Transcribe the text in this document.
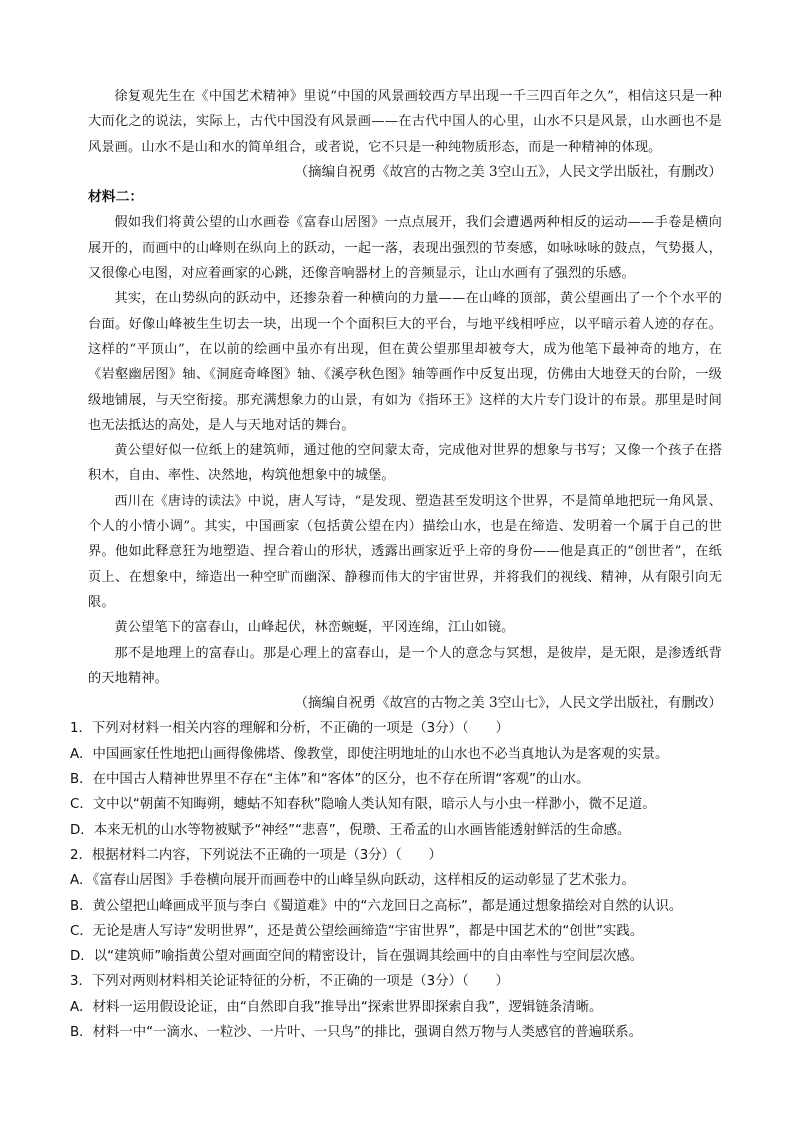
徐复观先生在《中国艺术精神》里说“中国的风景画较西方早出现一千三四百年之久”，相信这只是一种大而化之的说法，实际上，古代中国没有风景画——在古代中国人的心里，山水不只是风景，山水画也不是风景画。山水不是山和水的简单组合，或者说，它不只是一种纯物质形态，而是一种精神的体现。

（摘编自祝勇《故宫的古物之美 3空山五》，人民文学出版社，有删改）

材料二：

假如我们将黄公望的山水画卷《富春山居图》一点点展开，我们会遭遇两种相反的运动——手卷是横向展开的，而画中的山峰则在纵向上的跃动，一起一落，表现出强烈的节奏感，如咏咏咏的鼓点，气势摄人，又很像心电图，对应着画家的心跳，还像音响器材上的音频显示，让山水画有了强烈的乐感。

其实，在山势纵向的跃动中，还掺杂着一种横向的力量——在山峰的顶部，黄公望画出了一个个水平的台面。好像山峰被生生切去一块，出现一个个面积巨大的平台，与地平线相呼应，以平暗示着人迹的存在。这样的“平顶山”，在以前的绘画中虽亦有出现，但在黄公望那里却被夸大，成为他笔下最神奇的地方，在《岩壑幽居图》轴、《洞庭奇峰图》轴、《溪亭秋色图》轴等画作中反复出现，仿佛由大地登天的台阶，一级级地铺展，与天空衔接。那充满想象力的山景，有如为《指环王》这样的大片专门设计的布景。那里是时间也无法抵达的高处，是人与天地对话的舞台。

黄公望好似一位纸上的建筑师，通过他的空间蒙太奇，完成他对世界的想象与书写；又像一个孩子在搭积木，自由、率性、决然地，构筑他想象中的城堡。

西川在《唐诗的读法》中说，唐人写诗，“是发现、塑造甚至发明这个世界，不是简单地把玩一角风景、个人的小情小调”。其实，中国画家（包括黄公望在内）描绘山水，也是在缔造、发明着一个属于自己的世界。他如此释意狂为地塑造、捏合着山的形状，透露出画家近乎上帝的身份——他是真正的“创世者”，在纸页上、在想象中，缔造出一种空旷而幽深、静穆而伟大的宇宙世界，并将我们的视线、精神，从有限引向无限。

黄公望笔下的富春山，山峰起伏，林峦蜿蜒，平冈连绵，江山如镜。

那不是地理上的富春山。那是心理上的富春山，是一个人的意念与冥想，是彼岸，是无限，是渗透纸背的天地精神。

（摘编自祝勇《故宫的古物之美 3空山七》，人民文学出版社，有删改）

1．下列对材料一相关内容的理解和分析，不正确的一项是（3分）（　　）

A．中国画家任性地把山画得像佛塔、像教堂，即使注明地址的山水也不必当真地认为是客观的实景。

B．在中国古人精神世界里不存在“主体”和“客体”的区分，也不存在所谓“客观”的山水。

C．文中以“朝菌不知晦朔，蟪蛄不知春秋”隐喻人类认知有限，暗示人与小虫一样渺小，微不足道。

D．本来无机的山水等物被赋予“神经”“悲喜”，倪瓒、王希孟的山水画皆能透射鲜活的生命感。

2．根据材料二内容，下列说法不正确的一项是（3分）（　　）

A．《富春山居图》手卷横向展开而画卷中的山峰呈纵向跃动，这样相反的运动彰显了艺术张力。

B．黄公望把山峰画成平顶与李白《蜀道难》中的“六龙回日之高标”，都是通过想象描绘对自然的认识。

C．无论是唐人写诗“发明世界”，还是黄公望绘画缔造“宇宙世界”，都是中国艺术的“创世”实践。

D．以“建筑师”喻指黄公望对画面空间的精密设计，旨在强调其绘画中的自由率性与空间层次感。

3．下列对两则材料相关论证特征的分析，不正确的一项是（3分）（　　）

A．材料一运用假设论证，由“自然即自我”推导出“探索世界即探索自我”，逻辑链条清晰。

B．材料一中“一滴水、一粒沙、一片叶、一只鸟”的排比，强调自然万物与人类感官的普遍联系。
